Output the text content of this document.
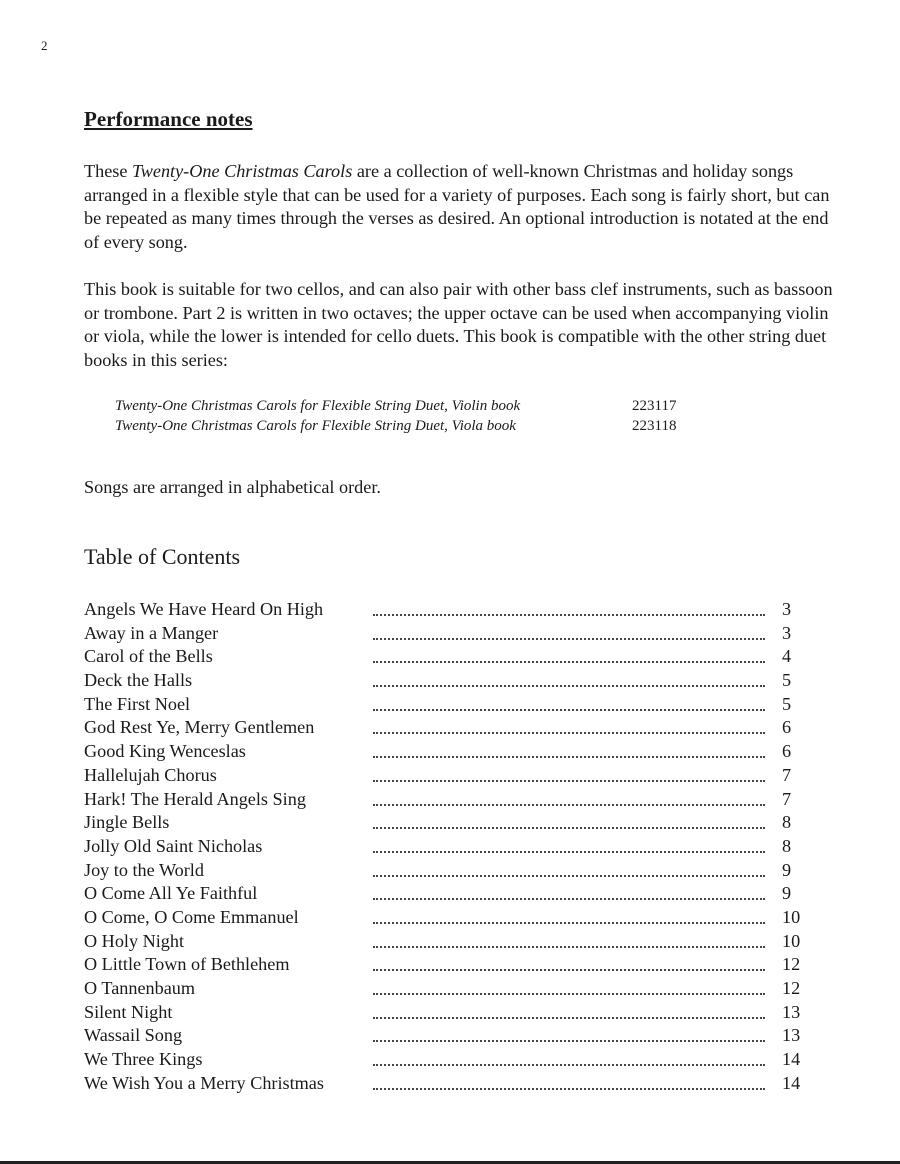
2
Performance notes

These Twenty-One Christmas Carols are a collection of well-known Christmas and holiday songs arranged in a flexible style that can be used for a variety of purposes. Each song is fairly short, but can be repeated as many times through the verses as desired. An optional introduction is notated at the end of every song.

This book is suitable for two cellos, and can also pair with other bass clef instruments, such as bassoon or trombone. Part 2 is written in two octaves; the upper octave can be used when accompanying violin or viola, while the lower is intended for cello duets. This book is compatible with the other string duet books in this series:

Twenty-One Christmas Carols for Flexible String Duet, Violin book	223117
Twenty-One Christmas Carols for Flexible String Duet, Viola book	223118
Songs are arranged in alphabetical order.
Table of Contents
Angels We Have Heard On High	3
Away in a Manger	3
Carol of the Bells	4
Deck the Halls	5
The First Noel	5
God Rest Ye, Merry Gentlemen	6
Good King Wenceslas	6
Hallelujah Chorus	7
Hark! The Herald Angels Sing	7
Jingle Bells	8
Jolly Old Saint Nicholas	8
Joy to the World	9
O Come All Ye Faithful	9
O Come, O Come Emmanuel	10
O Holy Night	10
O Little Town of Bethlehem	12
O Tannenbaum	12
Silent Night	13
Wassail Song	13
We Three Kings	14
We Wish You a Merry Christmas	14
